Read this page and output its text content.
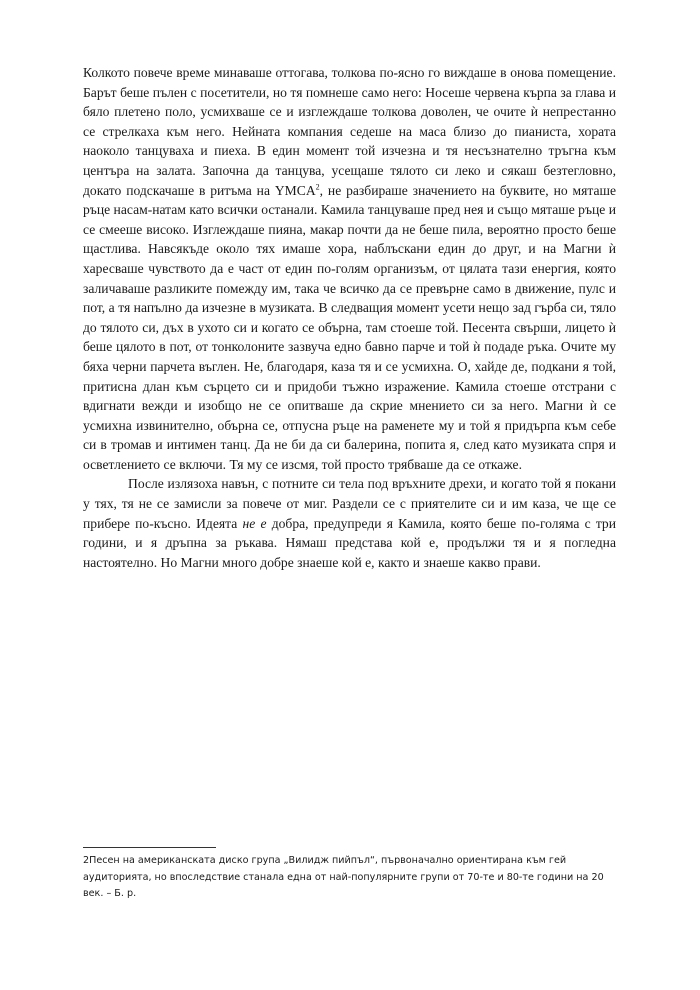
Колкото повече време минаваше оттогава, толкова по-ясно го виждаше в онова помещение. Барът беше пълен с посетители, но тя помнеше само него: Носеше червена кърпа за глава и бяло плетено поло, усмихваше се и изглеждаше толкова доволен, че очите ѝ непрестанно се стрелкаха към него. Нейната компания седеше на маса близо до пианиста, хората наоколо танцуваха и пиеха. В един момент той изчезна и тя несъзнателно тръгна към центъра на залата. Започна да танцува, усещаше тялото си леко и сякаш безтегловно, докато подскачаше в ритъма на YMCA$^2$, не разбираше значението на буквите, но мяташе ръце насам-натам като всички останали. Камила танцуваше пред нея и също мяташе ръце и се смееше високо. Изглеждаше пияна, макар почти да не беше пила, вероятно просто беше щастлива. Навсякъде около тях имаше хора, наблъскани един до друг, и на Магни ѝ харесваше чувството да е част от един по-голям организъм, от цялата тази енергия, която заличаваше разликите помежду им, така че всичко да се превърне само в движение, пулс и пот, а тя напълно да изчезне в музиката. В следващия момент усети нещо зад гърба си, тяло до тялото си, дъх в ухото си и когато се обърна, там стоеше той. Песента свърши, лицето ѝ беше цялото в пот, от тонколоните зазвуча едно бавно парче и той ѝ подаде ръка. Очите му бяха черни парчета въглен. Не, благодаря, каза тя и се усмихна. О, хайде де, подкани я той, притисна длан към сърцето си и придоби тъжно изражение. Камила стоеше отстрани с вдигнати вежди и изобщо не се опитваше да скрие мнението си за него. Магни ѝ се усмихна извинително, обърна се, отпусна ръце на раменете му и той я придърпа към себе си в тромав и интимен танц. Да не би да си балерина, попита я, след като музиката спря и осветлението се включи. Тя му се изсмя, той просто трябваше да се откаже.

После излязоха навън, с потните си тела под връхните дрехи, и когато той я покани у тях, тя не се замисли за повече от миг. Раздели се с приятелите си и им каза, че ще се прибере по-късно. Идеята не е добра, предупреди я Камила, която беше по-голяма с три години, и я дръпна за ръкава. Нямаш представа кой е, продължи тя и я погледна настоятелно. Но Магни много добре знаеше кой е, както и знаеше какво прави.

2Песен на американската диско група „Вилидж пийпъл“, първоначално ориентирана към гей аудиторията, но впоследствие станала една от най-популярните групи от 70-те и 80-те години на 20 век. – Б. р.
